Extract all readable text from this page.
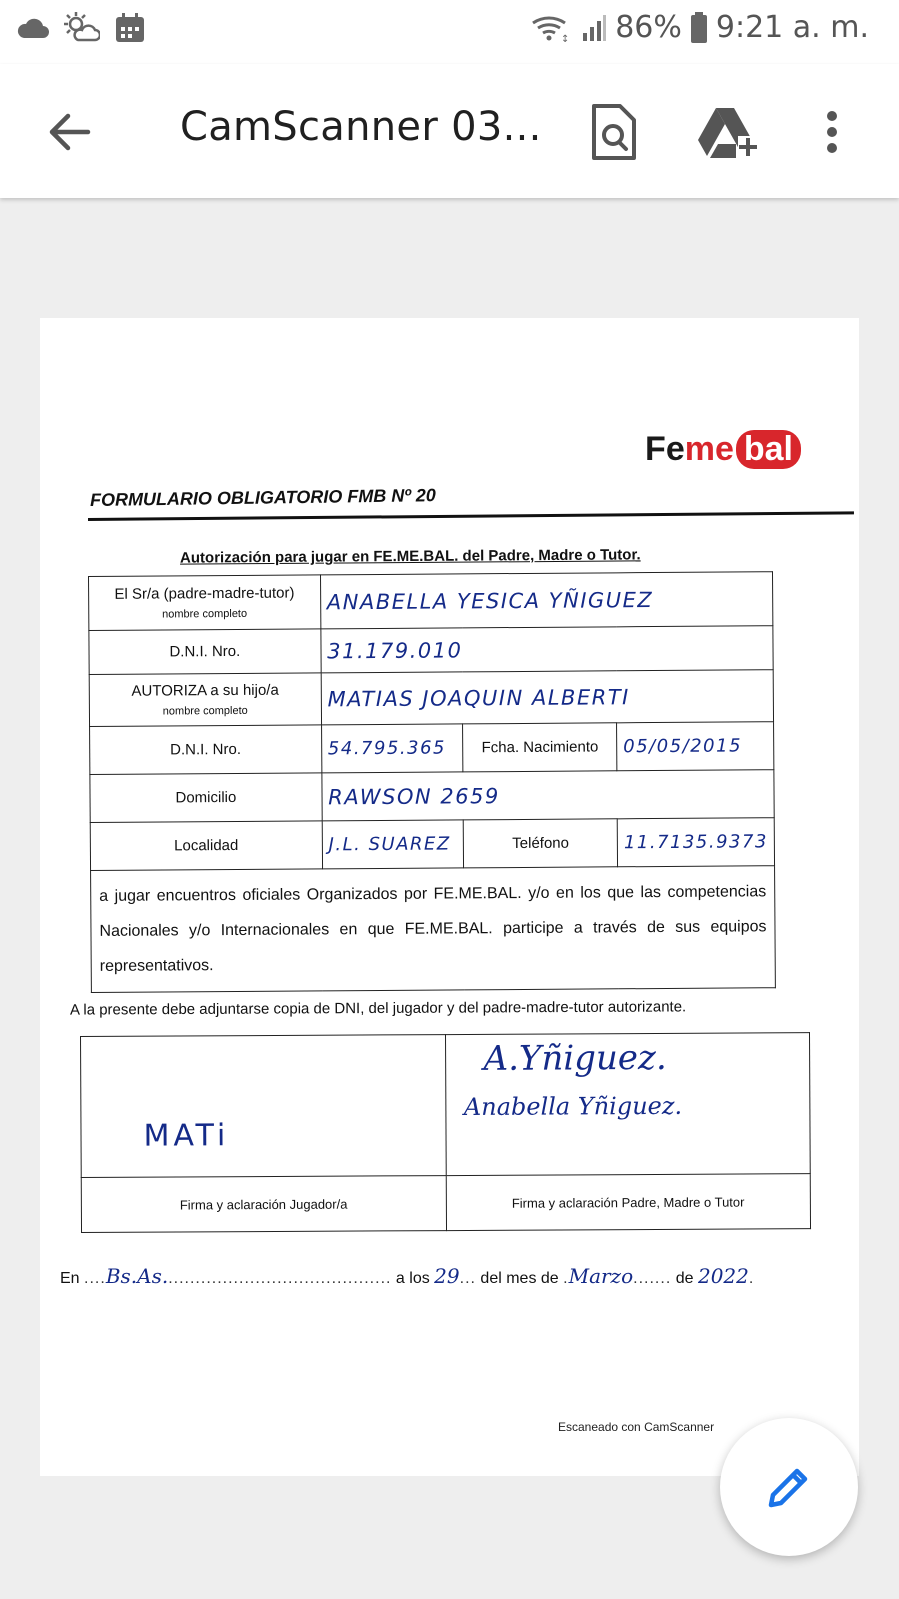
↕ 86% 9:21 a. m.
CamScanner 03...
Fe me bal
FORMULARIO OBLIGATORIO FMB Nº 20
Autorización para jugar en FE.ME.BAL. del Padre, Madre o Tutor.
El Sr/a (padre-madre-tutor)
nombre completo	ANABELLA YESICA YÑIGUEZ		
D.N.I. Nro.	31.179.010		
AUTORIZA a su hijo/a
nombre completo	MATIAS JOAQUIN ALBERTI		
D.N.I. Nro.	54.795.365	Fcha. Nacimiento	05/05/2015
Domicilio	RAWSON 2659		
Localidad	J.L. SUAREZ	Teléfono	11.7135.9373
a jugar encuentros oficiales Organizados por FE.ME.BAL. y/o en los que las competencias Nacionales y/o Internacionales en que FE.ME.BAL. participe a través de sus equipos representativos.			
A la presente debe adjuntarse copia de DNI, del jugador y del padre-madre-tutor autorizante.
MATi	A.Yñiguez.
Anabella Yñiguez.

Firma y aclaración Jugador/a	Firma y aclaración Padre, Madre o Tutor
En ....Bs.As.......................................... a los 29... del mes de .Marzo....... de 2022.
Escaneado con CamScanner
